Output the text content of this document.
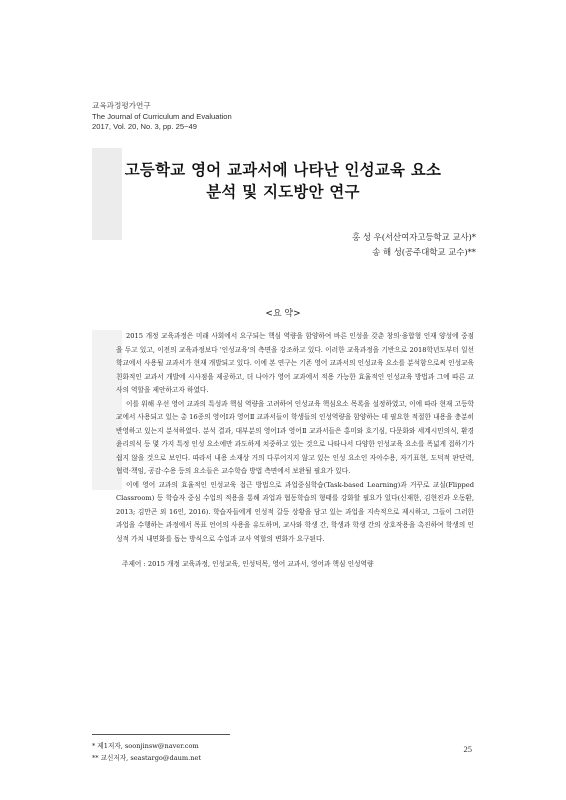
교육과정평가연구
The Journal of Curriculum and Evaluation
2017, Vol. 20, No. 3, pp. 25~49
고등학교 영어 교과서에 나타난 인성교육 요소
분석 및 지도방안 연구
홍 성 우(서산여자고등학교 교사)*
송 해 성(공주대학교 교수)**
<요 약>

2015 개정 교육과정은 미래 사회에서 요구되는 핵심 역량을 함양하여 바른 인성을 갖춘 창의·융합형 인재 양성에 중점을 두고 있고, 이전의 교육과정보다 '인성교육'의 측면을 강조하고 있다. 이러한 교육과정을 기반으로 2018학년도부터 일선 학교에서 사용될 교과서가 현재 개발되고 있다. 이에 본 연구는 기존 영어 교과서의 인성교육 요소를 분석함으로써 인성교육 친화적인 교과서 개발에 시사점을 제공하고, 더 나아가 영어 교과에서 적용 가능한 효율적인 인성교육 방법과 그에 따른 교사의 역할을 제안하고자 하였다.

이를 위해 우선 영어 교과의 특성과 핵심 역량을 고려하여 인성교육 핵심요소 목록을 설정하였고, 이에 따라 현재 고등학교에서 사용되고 있는 총 16종의 영어Ⅰ과 영어Ⅱ 교과서들이 학생들의 인성역량을 함양하는 데 필요한 적절한 내용을 충분히 반영하고 있는지 분석하였다. 분석 결과, 대부분의 영어Ⅰ과 영어Ⅱ 교과서들은 홍미와 호기심, 다문화와 세계시민의식, 환경윤리의식 등 몇 가지 특정 인성 요소에만 과도하게 치중하고 있는 것으로 나타나서 다양한 인성교육 요소를 폭넓게 접하기가 쉽지 않을 것으로 보인다. 따라서 내용 소재상 거의 다루어지지 않고 있는 인성 요소인 자아수용, 자기표현, 도덕적 판단력, 협력·책임, 공감·수용 등의 요소들은 교수학습 방법 측면에서 보완될 필요가 있다.

이에 영어 교과의 효율적인 인성교육 접근 방법으로 과업중심학습(Task-based Learning)과 거꾸로 교실(Flipped Classroom) 등 학습자 중심 수업의 적용을 통해 과업과 협동학습의 형태를 강화할 필요가 있다(신재한, 김현진과 오동환, 2013; 김만곤 외 16인, 2016). 학습자들에게 인성적 갈등 상황을 담고 있는 과업을 지속적으로 제시하고, 그들이 그러한 과업을 수행하는 과정에서 목표 언어의 사용을 유도하며, 교사와 학생 간, 학생과 학생 간의 상호작용을 촉진하여 학생의 인성적 가치 내면화를 돕는 방식으로 수업과 교사 역할의 변화가 요구된다.

주제어 : 2015 개정 교육과정, 인성교육, 인성덕목, 영어 교과서, 영어과 핵심 인성역량

* 제1저자, soonjinsw@naver.com
** 교신저자, seastargo@daum.net
25
